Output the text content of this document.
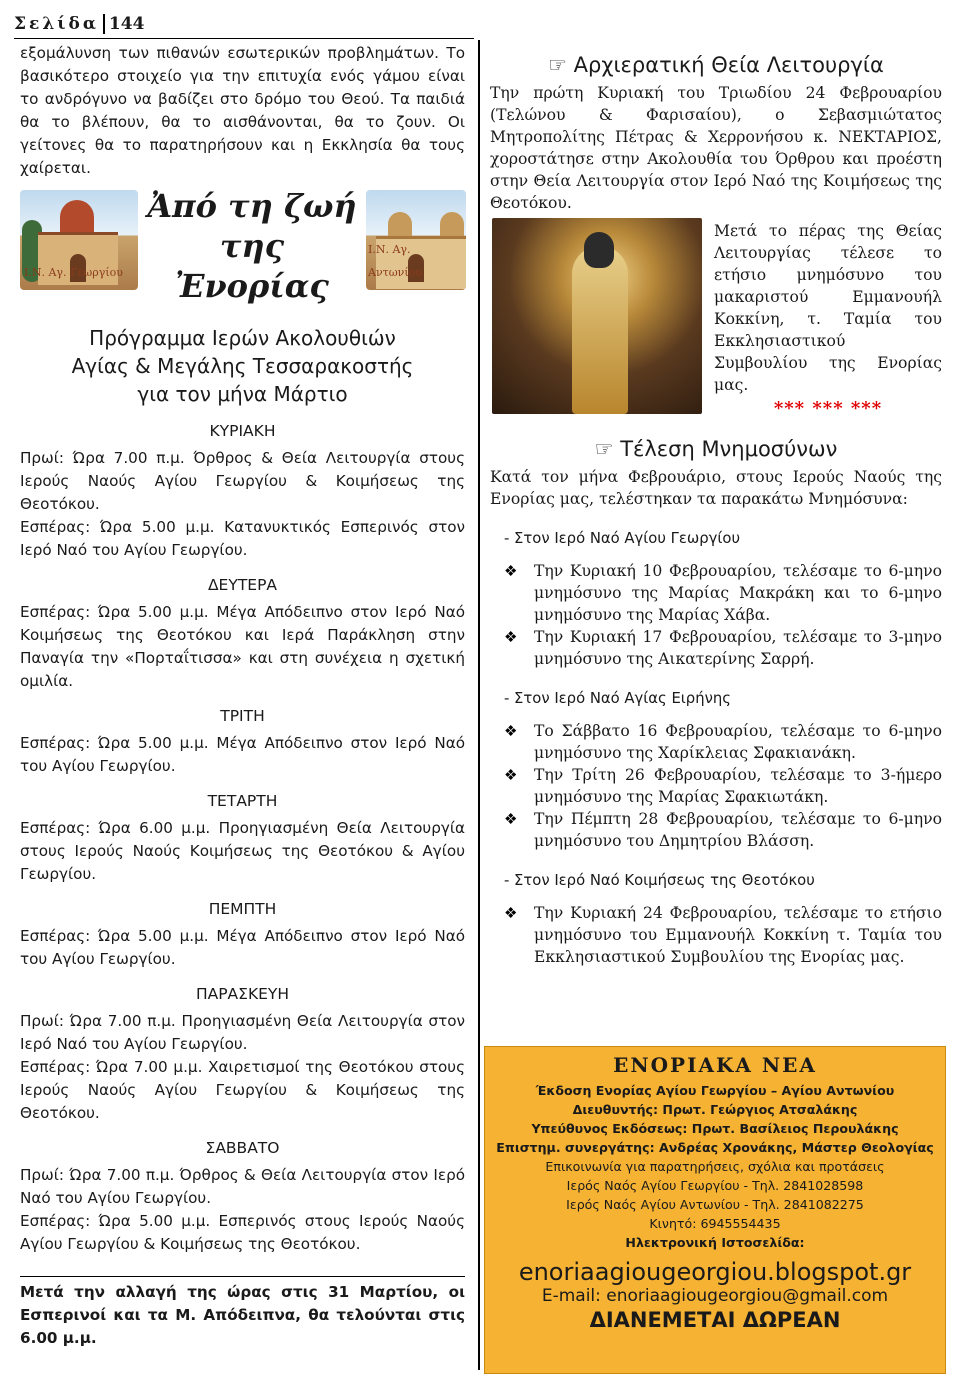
Σελίδα 144

εξομάλυνση των πιθανών εσωτερικών προβλημάτων. Το βασικότερο στοιχείο για την επιτυχία ενός γάμου είναι το ανδρόγυνο να βαδίζει στο δρόμο του Θεού. Τα παιδιά θα το βλέπουν, θα το αισθάνονται, θα το ζουν. Οι γείτονες θα το παρατηρήσουν και η Εκκλησία θα τους χαίρεται.

Ι.Ν. Αγ. Γεωργίου
Ἀπό τη ζωή
της Ἐνορίας
Ι.Ν. Αγ. Αντωνίου
Πρόγραμμα Ιερών Ακολουθιών
Αγίας & Μεγάλης Τεσσαρακοστής
για τον μήνα Μάρτιο
ΚΥΡΙΑΚΗ

Πρωί: Ώρα 7.00 π.μ. Όρθρος & Θεία Λειτουργία στους Ιερούς Ναούς Αγίου Γεωργίου & Κοιμήσεως της Θεοτόκου.

Εσπέρας: Ώρα 5.00 μ.μ. Κατανυκτικός Εσπερινός στον Ιερό Ναό του Αγίου Γεωργίου.

ΔΕΥΤΕΡΑ

Εσπέρας: Ώρα 5.00 μ.μ. Μέγα Απόδειπνο στον Ιερό Ναό Κοιμήσεως της Θεοτόκου και Ιερά Παράκληση στην Παναγία την «Πορταΐτισσα» και στη συνέχεια η σχετική ομιλία.

ΤΡΙΤΗ

Εσπέρας: Ώρα 5.00 μ.μ. Μέγα Απόδειπνο στον Ιερό Ναό του Αγίου Γεωργίου.

ΤΕΤΑΡΤΗ

Εσπέρας: Ώρα 6.00 μ.μ. Προηγιασμένη Θεία Λειτουργία στους Ιερούς Ναούς Κοιμήσεως της Θεοτόκου & Αγίου Γεωργίου.

ΠΕΜΠΤΗ

Εσπέρας: Ώρα 5.00 μ.μ. Μέγα Απόδειπνο στον Ιερό Ναό του Αγίου Γεωργίου.

ΠΑΡΑΣΚΕΥΗ

Πρωί: Ώρα 7.00 π.μ. Προηγιασμένη Θεία Λειτουργία στον Ιερό Ναό του Αγίου Γεωργίου.

Εσπέρας: Ώρα 7.00 μ.μ. Χαιρετισμοί της Θεοτόκου στους Ιερούς Ναούς Αγίου Γεωργίου & Κοιμήσεως της Θεοτόκου.

ΣΑΒΒΑΤΟ

Πρωί: Ώρα 7.00 π.μ. Όρθρος & Θεία Λειτουργία στον Ιερό Ναό του Αγίου Γεωργίου.

Εσπέρας: Ώρα 5.00 μ.μ. Εσπερινός στους Ιερούς Ναούς Αγίου Γεωργίου & Κοιμήσεως της Θεοτόκου.

Μετά την αλλαγή της ώρας στις 31 Μαρτίου, οι Εσπερινοί και τα Μ. Απόδειπνα, θα τελούνται στις 6.00 μ.μ.

☞ Αρχιερατική Θεία Λειτουργία

Την πρώτη Κυριακή του Τριωδίου 24 Φεβρουαρίου (Τελώνου & Φαρισαίου), ο Σεβασμιώτατος Μητροπολίτης Πέτρας & Χερρονήσου κ. ΝΕΚΤΑΡΙΟΣ, χοροστάτησε στην Ακολουθία του Όρθρου και προέστη στην Θεία Λειτουργία στον Ιερό Ναό της Κοιμήσεως της Θεοτόκου.

Μετά το πέρας της Θείας Λειτουργίας τέλεσε το ετήσιο μνημόσυνο του μακαριστού Εμμανουήλ Κοκκίνη, τ. Ταμία του Εκκλησιαστικού Συμβουλίου της Ενορίας μας.

*** *** ***
☞ Τέλεση Μνημοσύνων

Κατά τον μήνα Φεβρουάριο, στους Ιερούς Ναούς της Ενορίας μας, τελέστηκαν τα παρακάτω Μνημόσυνα:

- Στον Ιερό Ναό Αγίου Γεωργίου

❖ Την Κυριακή 10 Φεβρουαρίου, τελέσαμε το 6-μηνο μνημόσυνο της Μαρίας Μακράκη και το 6-μηνο μνημόσυνο της Μαρίας Χάβα.

❖ Την Κυριακή 17 Φεβρουαρίου, τελέσαμε το 3-μηνο μνημόσυνο της Αικατερίνης Σαρρή.

- Στον Ιερό Ναό Αγίας Ειρήνης

❖ Το Σάββατο 16 Φεβρουαρίου, τελέσαμε το 6-μηνο μνημόσυνο της Χαρίκλειας Σφακιανάκη.

❖ Την Τρίτη 26 Φεβρουαρίου, τελέσαμε το 3-ήμερο μνημόσυνο της Μαρίας Σφακιωτάκη.

❖ Την Πέμπτη 28 Φεβρουαρίου, τελέσαμε το 6-μηνο μνημόσυνο του Δημητρίου Βλάσση.

- Στον Ιερό Ναό Κοιμήσεως της Θεοτόκου

❖ Την Κυριακή 24 Φεβρουαρίου, τελέσαμε το ετήσιο μνημόσυνο του Εμμανουήλ Κοκκίνη τ. Ταμία του Εκκλησιαστικού Συμβουλίου της Ενορίας μας.

ΕΝΟΡΙΑΚΑ ΝΕΑ
Έκδοση Ενορίας Αγίου Γεωργίου – Αγίου Αντωνίου
Διευθυντής: Πρωτ. Γεώργιος Ατσαλάκης
Υπεύθυνος Εκδόσεως: Πρωτ. Βασίλειος Περουλάκης
Επιστημ. συνεργάτης: Ανδρέας Χρονάκης, Μάστερ Θεολογίας
Επικοινωνία για παρατηρήσεις, σχόλια και προτάσεις
Ιερός Ναός Αγίου Γεωργίου - Τηλ. 2841028598
Ιερός Ναός Αγίου Αντωνίου - Τηλ. 2841082275
Κινητό: 6945554435
Ηλεκτρονική Ιστοσελίδα:
enoriaagiougeorgiou.blogspot.gr
E-mail: enoriaagiougeorgiou@gmail.com
ΔΙΑΝΕΜΕΤΑΙ ΔΩΡΕΑΝ
